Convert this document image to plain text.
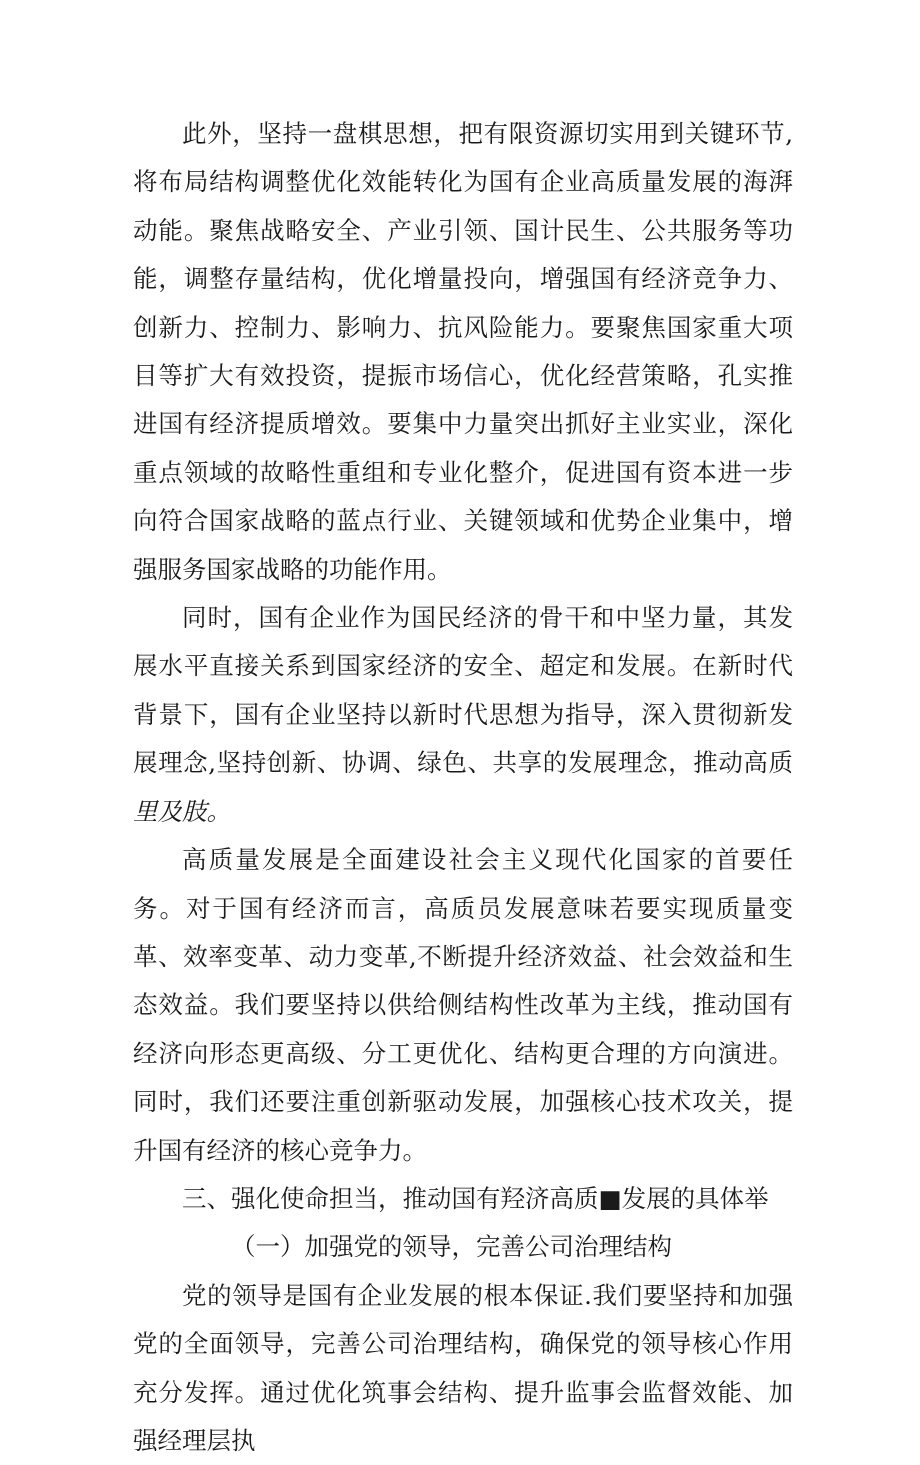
此外，坚持一盘棋思想，把有限资源切实用到关键环节,将布局结构调整优化效能转化为国有企业高质量发展的海湃动能。聚焦战略安全、产业引领、国计民生、公共服务等功能，调整存量结构，优化增量投向，增强国有经济竞争力、创新力、控制力、影响力、抗风险能力。要聚焦国家重大项目等扩大有效投资，提振市场信心，优化经营策略，孔实推进国有经济提质增效。要集中力量突出抓好主业实业，深化重点领域的故略性重组和专业化整介，促进国有资本进一步向符合国家战略的蓝点行业、关键领域和优势企业集中，增强服务国家战略的功能作用。

同时，国有企业作为国民经济的骨干和中坚力量，其发展水平直接关系到国家经济的安全、超定和发展。在新时代背景下，国有企业坚持以新时代思想为指导，深入贯彻新发展理念,坚持创新、协调、绿色、共享的发展理念，推动高质里及肢。

高质量发展是全面建设社会主义现代化国家的首要任务。对于国有经济而言，高质员发展意味若要实现质量变革、效率变革、动力变革,不断提升经济效益、社会效益和生态效益。我们要坚持以供给侧结构性改革为主线，推动国有经济向形态更高级、分工更优化、结构更合理的方向演进。同时，我们还要注重创新驱动发展，加强核心技术攻关，提升国有经济的核心竞争力。

三、强化使命担当，推动国有羟济高质■发展的具体举

（一）加强党的领导，完善公司治理结构

党的领导是国有企业发展的根本保证.我们要坚持和加强党的全面领导，完善公司治理结构，确保党的领导核心作用充分发挥。通过优化筑事会结构、提升监事会监督效能、加强经理层执
